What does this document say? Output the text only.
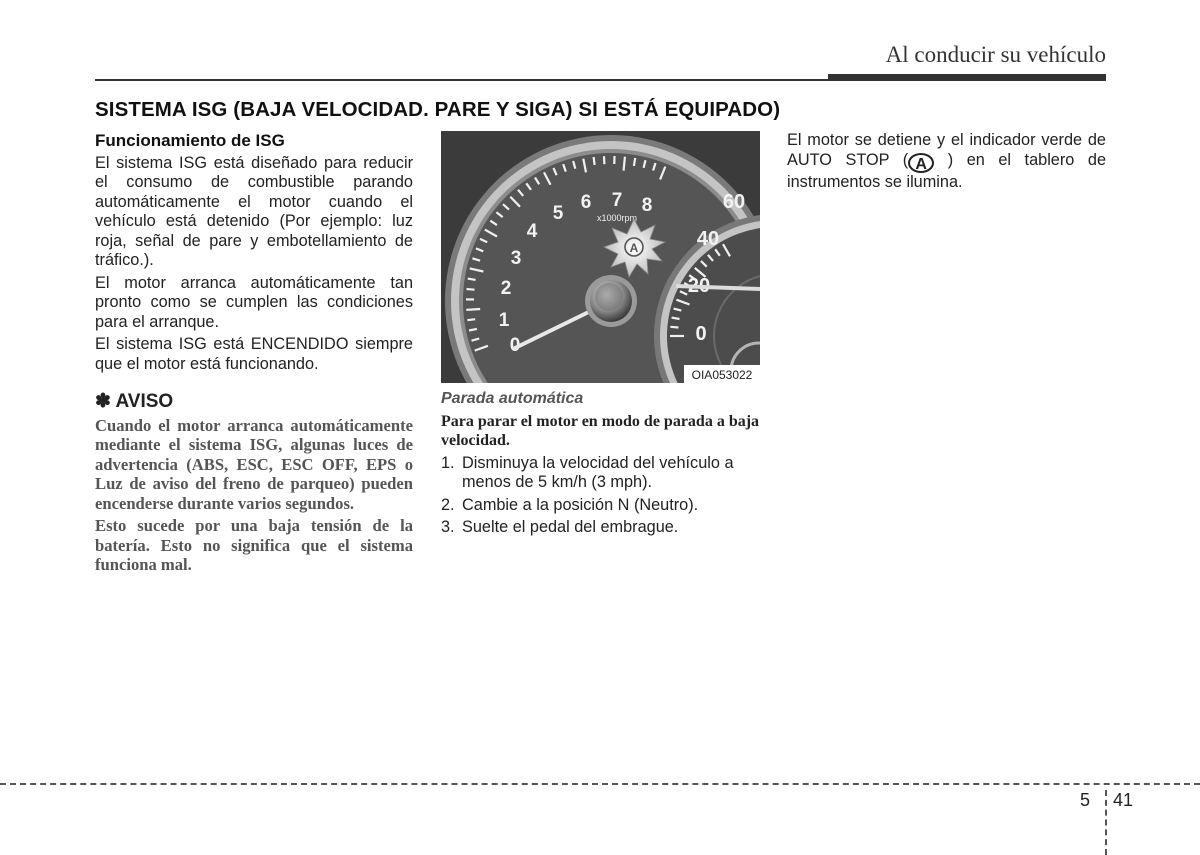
Al conducir su vehículo
SISTEMA ISG (BAJA VELOCIDAD. PARE Y SIGA) SI ESTÁ EQUIPADO)

Funcionamiento de ISG

El sistema ISG está diseñado para reducir el consumo de combustible parando automáticamente el motor cuando el vehículo está detenido (Por ejemplo: luz roja, señal de pare y embotellamiento de tráfico.).

El motor arranca automáticamente tan pronto como se cumplen las condiciones para el arranque.

El sistema ISG está ENCENDIDO siempre que el motor está funcionando.

✽ AVISO

Cuando el motor arranca automáticamente mediante el sistema ISG, algunas luces de advertencia (ABS, ESC, ESC OFF, EPS o Luz de aviso del freno de parqueo) pueden encenderse durante varios segundos.

Esto sucede por una baja tensión de la batería. Esto no significa que el sistema funciona mal.

0
1
2
3
4
5
6 7 8
x1000rpm
0
40
60
A
OIA053022

Parada automática

Para parar el motor en modo de parada a baja velocidad.

1. Disminuya la velocidad del vehículo a menos de 5 km/h (3 mph).
2. Cambie a la posición N (Neutro).
3. Suelte el pedal del embrague.

El motor se detiene y el indicador verde de AUTO STOP ( A ) en el tablero de instrumentos se ilumina.

5 41
